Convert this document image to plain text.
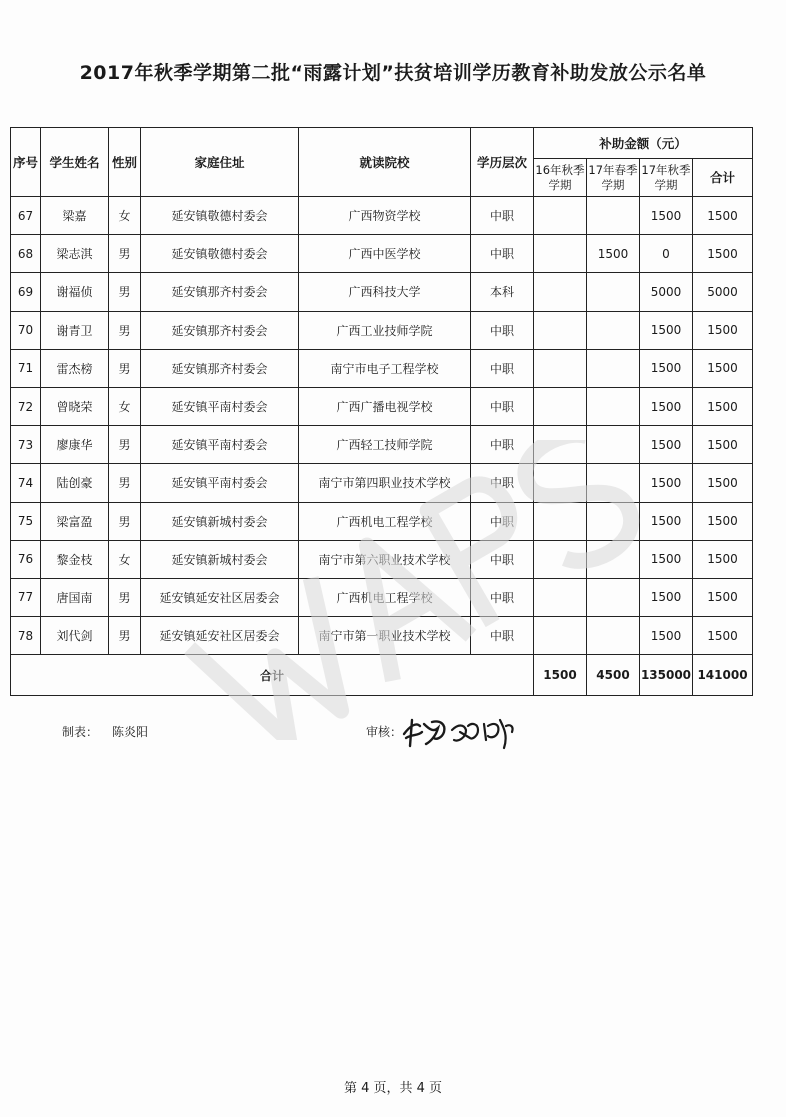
2017年秋季学期第二批“雨露计划”扶贫培训学历教育补助发放公示名单
序号	学生姓名	性别	家庭住址	就读院校	学历层次	补助金额（元）			
						16年秋季学期	17年春季学期	17年秋季学期	合计
67	梁嘉	女	延安镇敬德村委会	广西物资学校	中职			1500	1500
68	梁志淇	男	延安镇敬德村委会	广西中医学校	中职		1500	0	1500
69	谢福侦	男	延安镇那齐村委会	广西科技大学	本科			5000	5000
70	谢青卫	男	延安镇那齐村委会	广西工业技师学院	中职			1500	1500
71	雷杰榜	男	延安镇那齐村委会	南宁市电子工程学校	中职			1500	1500
72	曾晓荣	女	延安镇平南村委会	广西广播电视学校	中职			1500	1500
73	廖康华	男	延安镇平南村委会	广西轻工技师学院	中职			1500	1500
74	陆创豪	男	延安镇平南村委会	南宁市第四职业技术学校	中职			1500	1500
75	梁富盈	男	延安镇新城村委会	广西机电工程学校	中职			1500	1500
76	黎金枝	女	延安镇新城村委会	南宁市第六职业技术学校	中职			1500	1500
77	唐国南	男	延安镇延安社区居委会	广西机电工程学校	中职			1500	1500
78	刘代剑	男	延安镇延安社区居委会	南宁市第一职业技术学校	中职			1500	1500
合计						1500	4500	135000	141000
制表： 陈炎阳	审核：
第 4 页，共 4 页
